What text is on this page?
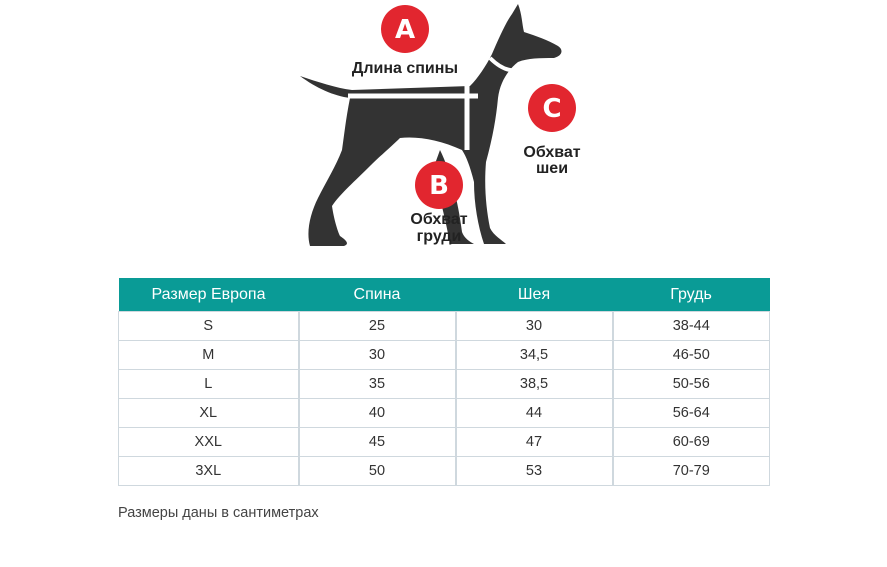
A
Длина спины
B
Обхват
груди
C
Обхват
шеи
Размер Европа	Спина	Шея	Грудь
S	25	30	38-44
M	30	34,5	46-50
L	35	38,5	50-56
XL	40	44	56-64
XXL	45	47	60-69
3XL	50	53	70-79
Размеры даны в сантиметрах
